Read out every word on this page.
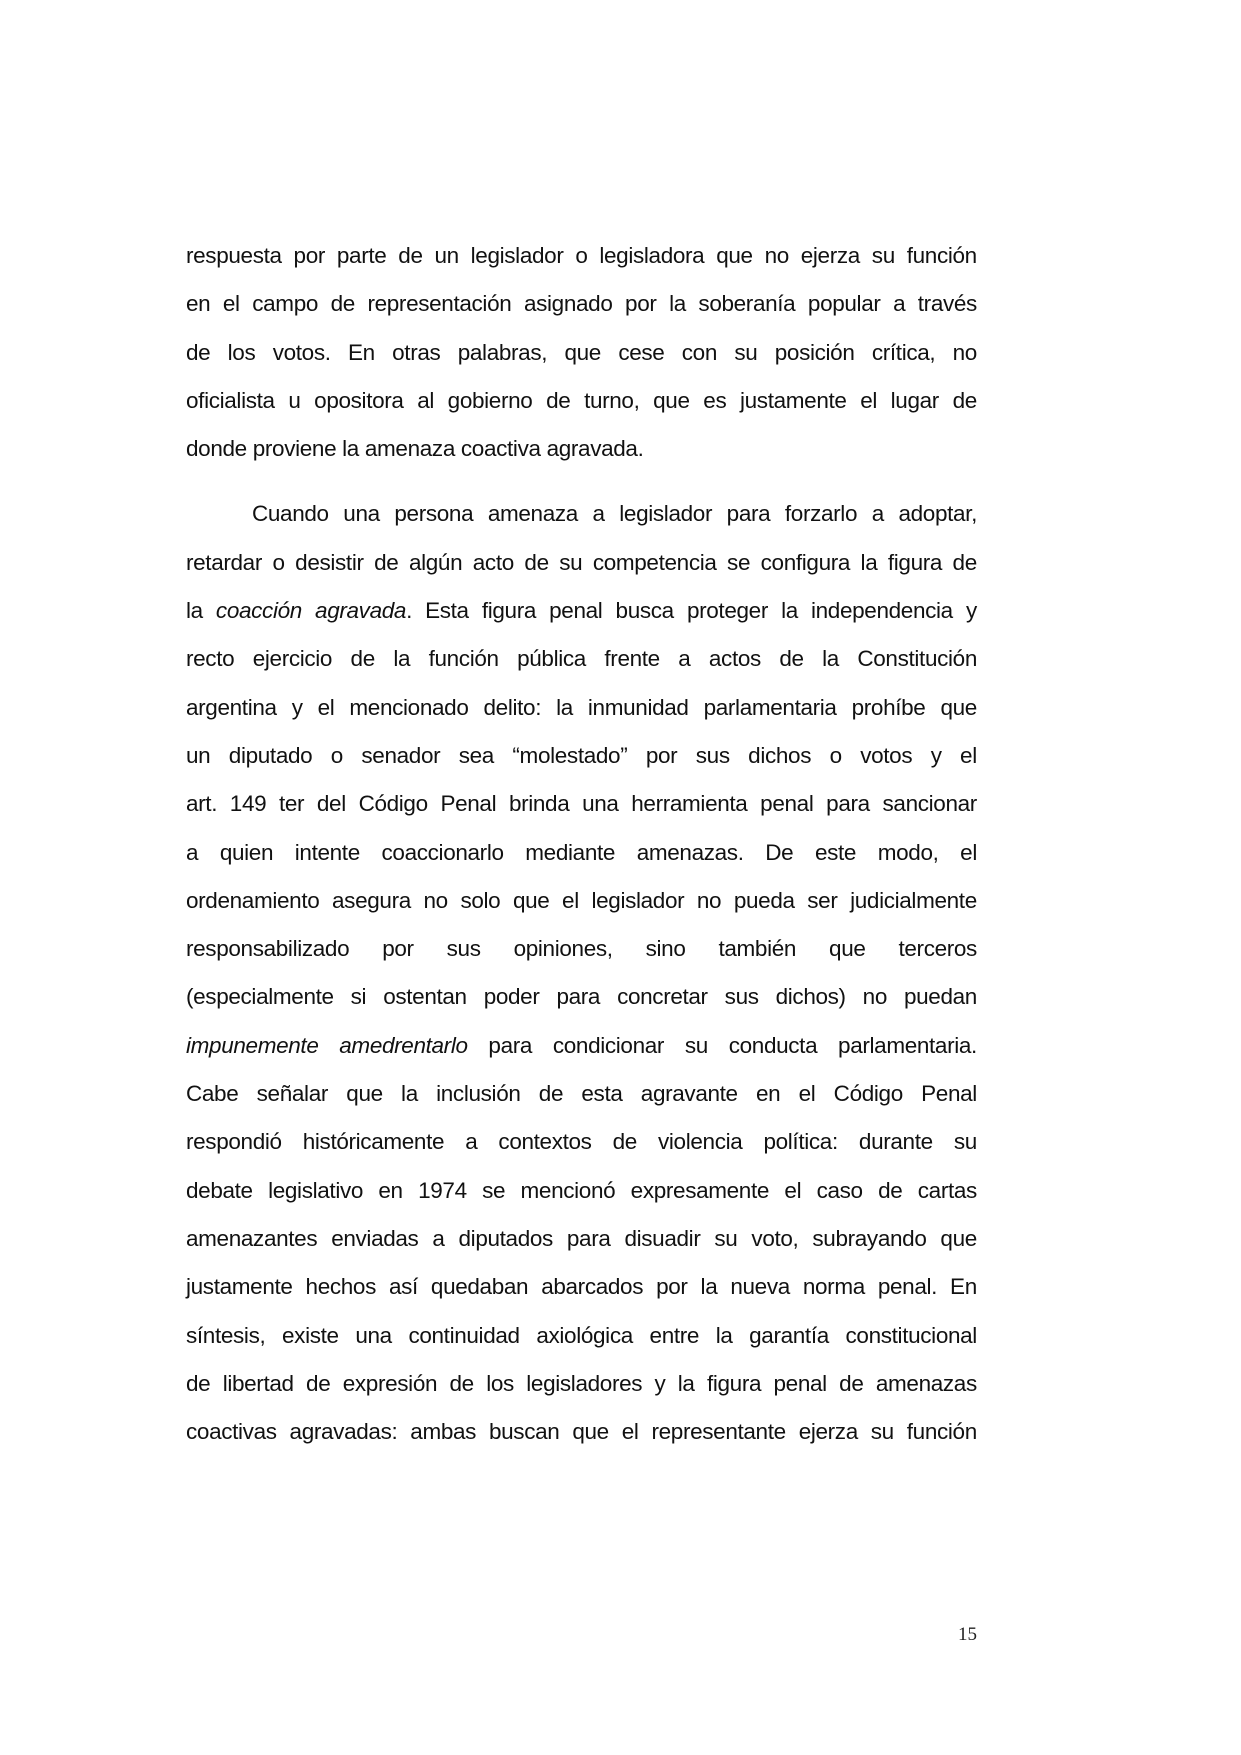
respuesta por parte de un legislador o legisladora que no ejerza su función
en el campo de representación asignado por la soberanía popular a través
de los votos. En otras palabras, que cese con su posición crítica, no
oficialista u opositora al gobierno de turno, que es justamente el lugar de
donde proviene la amenaza coactiva agravada.
Cuando una persona amenaza a legislador para forzarlo a adoptar,
retardar o desistir de algún acto de su competencia se configura la figura de
la coacción agravada. Esta figura penal busca proteger la independencia y
recto ejercicio de la función pública frente a actos de la Constitución
argentina y el mencionado delito: la inmunidad parlamentaria prohíbe que
un diputado o senador sea “molestado” por sus dichos o votos y el
art. 149 ter del Código Penal brinda una herramienta penal para sancionar
a quien intente coaccionarlo mediante amenazas. De este modo, el
ordenamiento asegura no solo que el legislador no pueda ser judicialmente
responsabilizado por sus opiniones, sino también que terceros
(especialmente si ostentan poder para concretar sus dichos) no puedan
impunemente amedrentarlo para condicionar su conducta parlamentaria.
Cabe señalar que la inclusión de esta agravante en el Código Penal
respondió históricamente a contextos de violencia política: durante su
debate legislativo en 1974 se mencionó expresamente el caso de cartas
amenazantes enviadas a diputados para disuadir su voto, subrayando que
justamente hechos así quedaban abarcados por la nueva norma penal. En
síntesis, existe una continuidad axiológica entre la garantía constitucional
de libertad de expresión de los legisladores y la figura penal de amenazas
coactivas agravadas: ambas buscan que el representante ejerza su función
15
